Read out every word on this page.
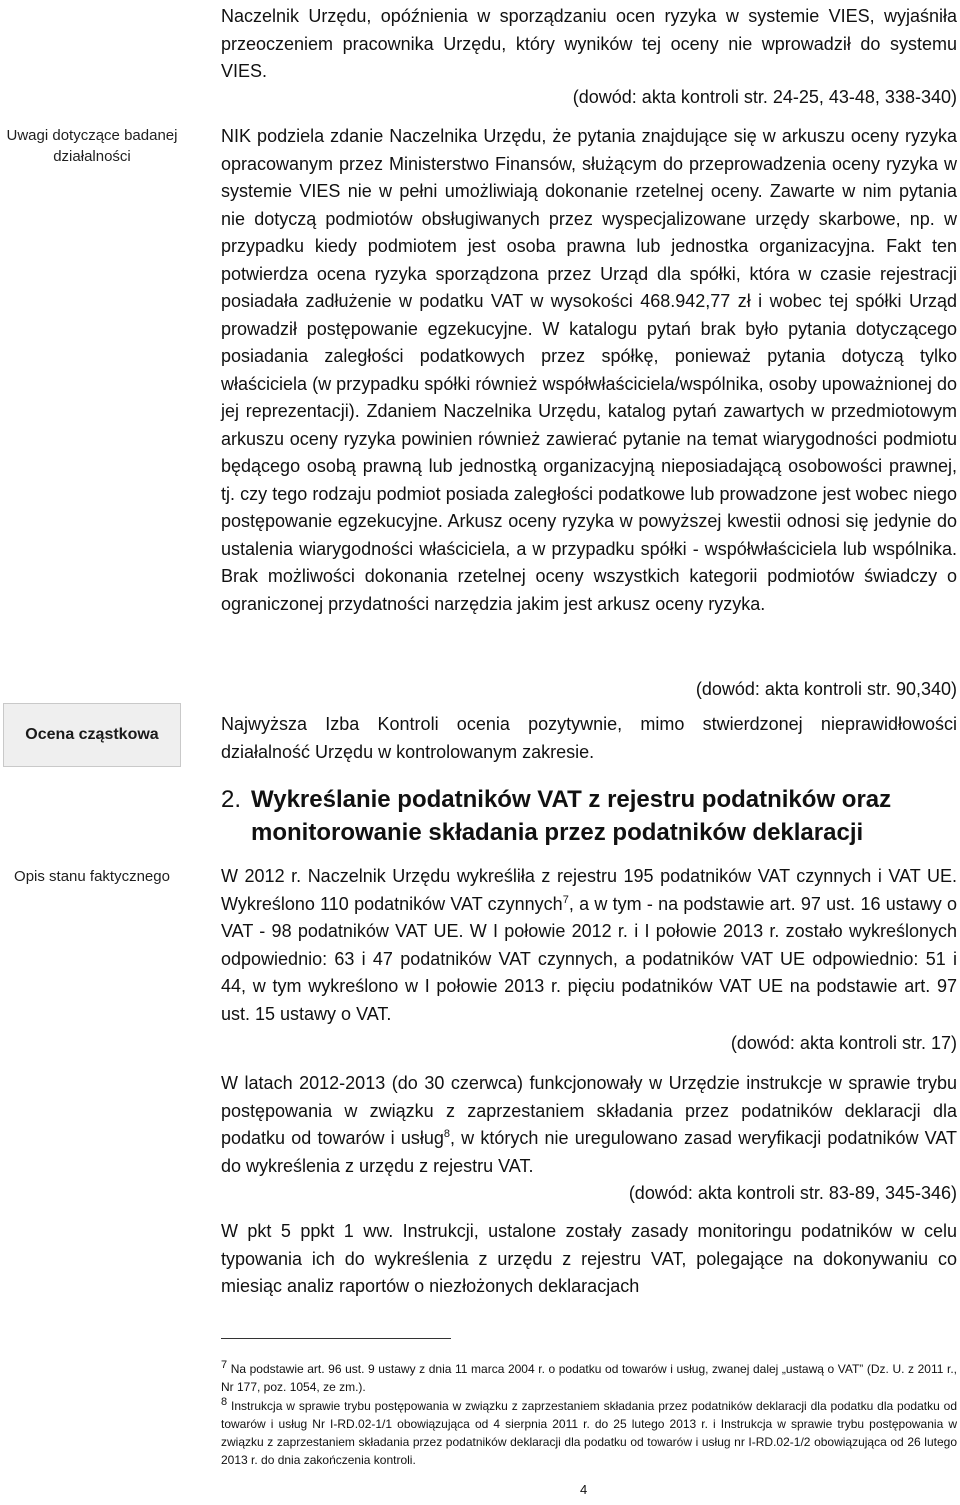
Uwagi dotyczące badanej działalności
Ocena cząstkowa
Opis stanu faktycznego
Naczelnik Urzędu, opóźnienia w sporządzaniu ocen ryzyka w systemie VIES, wyjaśniła przeoczeniem pracownika Urzędu, który wyników tej oceny nie wprowadził do systemu VIES.
(dowód: akta kontroli str. 24-25, 43-48, 338-340)
NIK podziela zdanie Naczelnika Urzędu, że pytania znajdujące się w arkuszu oceny ryzyka opracowanym przez Ministerstwo Finansów, służącym do przeprowadzenia oceny ryzyka w systemie VIES nie w pełni umożliwiają dokonanie rzetelnej oceny. Zawarte w nim pytania nie dotyczą podmiotów obsługiwanych przez wyspecjalizowane urzędy skarbowe, np. w przypadku kiedy podmiotem jest osoba prawna lub jednostka organizacyjna. Fakt ten potwierdza ocena ryzyka sporządzona przez Urząd dla spółki, która w czasie rejestracji posiadała zadłużenie w podatku VAT w wysokości 468.942,77 zł i wobec tej spółki Urząd prowadził postępowanie egzekucyjne. W katalogu pytań brak było pytania dotyczącego posiadania zaległości podatkowych przez spółkę, ponieważ pytania dotyczą tylko właściciela (w przypadku spółki również współwłaściciela/wspólnika, osoby upoważnionej do jej reprezentacji). Zdaniem Naczelnika Urzędu, katalog pytań zawartych w przedmiotowym arkuszu oceny ryzyka powinien również zawierać pytanie na temat wiarygodności podmiotu będącego osobą prawną lub jednostką organizacyjną nieposiadającą osobowości prawnej, tj. czy tego rodzaju podmiot posiada zaległości podatkowe lub prowadzone jest wobec niego postępowanie egzekucyjne. Arkusz oceny ryzyka w powyższej kwestii odnosi się jedynie do ustalenia wiarygodności właściciela, a w przypadku spółki - współwłaściciela lub wspólnika. Brak możliwości dokonania rzetelnej oceny wszystkich kategorii podmiotów świadczy o ograniczonej przydatności narzędzia jakim jest arkusz oceny ryzyka.
(dowód: akta kontroli str. 90,340)
Najwyższa Izba Kontroli ocenia pozytywnie, mimo stwierdzonej nieprawidłowości działalność Urzędu w kontrolowanym zakresie.
2. Wykreślanie podatników VAT z rejestru podatników oraz
monitorowanie składania przez podatników deklaracji
W 2012 r. Naczelnik Urzędu wykreśliła z rejestru 195 podatników VAT czynnych i VAT UE. Wykreślono 110 podatników VAT czynnych$^7$, a w tym - na podstawie art. 97 ust. 16 ustawy o VAT - 98 podatników VAT UE. W I połowie 2012 r. i I połowie 2013 r. zostało wykreślonych odpowiednio: 63 i 47 podatników VAT czynnych, a podatników VAT UE odpowiednio: 51 i 44, w tym wykreślono w I połowie 2013 r. pięciu podatników VAT UE na podstawie art. 97 ust. 15 ustawy o VAT.
(dowód: akta kontroli str. 17)
W latach 2012-2013 (do 30 czerwca) funkcjonowały w Urzędzie instrukcje w sprawie trybu postępowania w związku z zaprzestaniem składania przez podatników deklaracji dla podatku od towarów i usług$^8$, w których nie uregulowano zasad weryfikacji podatników VAT do wykreślenia z urzędu z rejestru VAT.
(dowód: akta kontroli str. 83-89, 345-346)
W pkt 5 ppkt 1 ww. Instrukcji, ustalone zostały zasady monitoringu podatników w celu typowania ich do wykreślenia z urzędu z rejestru VAT, polegające na dokonywaniu co miesiąc analiz raportów o niezłożonych deklaracjach
$^7$ Na podstawie art. 96 ust. 9 ustawy z dnia 11 marca 2004 r. o podatku od towarów i usług, zwanej dalej „ustawą o VAT” (Dz. U. z 2011 r., Nr 177, poz. 1054, ze zm.).
$^8$ Instrukcja w sprawie trybu postępowania w związku z zaprzestaniem składania przez podatników deklaracji dla podatku dla podatku od towarów i usług Nr I-RD.02-1/1 obowiązująca od 4 sierpnia 2011 r. do 25 lutego 2013 r. i Instrukcja w sprawie trybu postępowania w związku z zaprzestaniem składania przez podatników deklaracji dla podatku od towarów i usług nr I-RD.02-1/2 obowiązująca od 26 lutego 2013 r. do dnia zakończenia kontroli.
4
